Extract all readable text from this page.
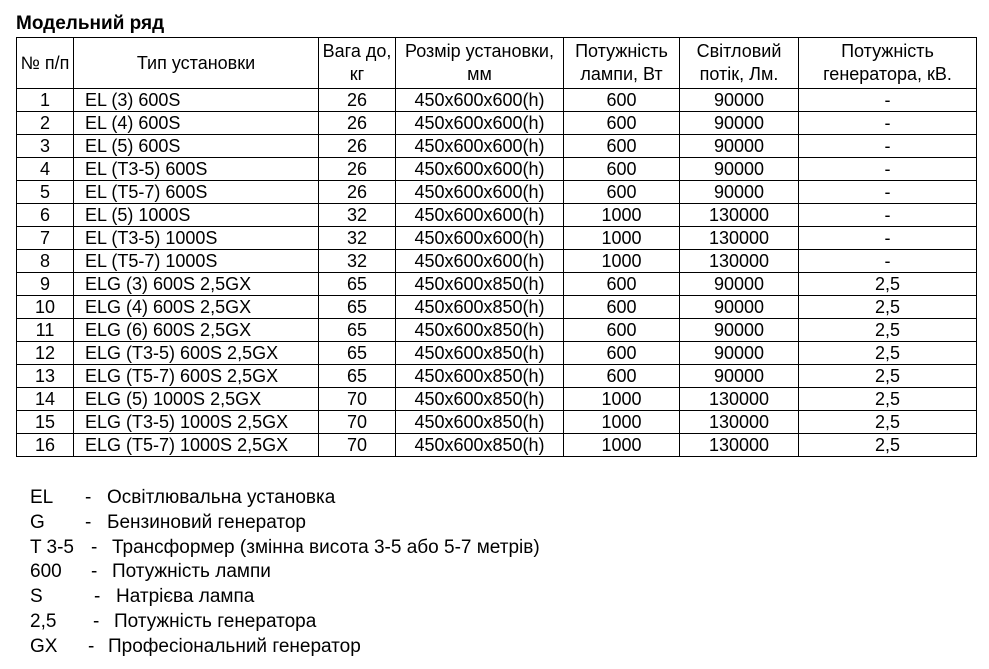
Модельний ряд
№ п/п	Тип установки	Вага до, кг	Розмір установки, мм	Потужність лампи, Вт	Світловий потік, Лм.	Потужність генератора, кВ.
1	EL (3) 600S	26	450x600x600(h)	600	90000	-
2	EL (4) 600S	26	450x600x600(h)	600	90000	-
3	EL (5) 600S	26	450x600x600(h)	600	90000	-
4	EL (T3-5) 600S	26	450x600x600(h)	600	90000	-
5	EL (T5-7) 600S	26	450x600x600(h)	600	90000	-
6	EL (5) 1000S	32	450x600x600(h)	1000	130000	-
7	EL (T3-5) 1000S	32	450x600x600(h)	1000	130000	-
8	EL (T5-7) 1000S	32	450x600x600(h)	1000	130000	-
9	ELG (3) 600S 2,5GX	65	450x600x850(h)	600	90000	2,5
10	ELG (4) 600S 2,5GX	65	450x600x850(h)	600	90000	2,5
11	ELG (6) 600S 2,5GX	65	450x600x850(h)	600	90000	2,5
12	ELG (T3-5) 600S 2,5GX	65	450x600x850(h)	600	90000	2,5
13	ELG (T5-7) 600S 2,5GX	65	450x600x850(h)	600	90000	2,5
14	ELG (5) 1000S 2,5GX	70	450x600x850(h)	1000	130000	2,5
15	ELG (T3-5) 1000S 2,5GX	70	450x600x850(h)	1000	130000	2,5
16	ELG (T5-7) 1000S 2,5GX	70	450x600x850(h)	1000	130000	2,5
EL - Освітлювальна установка
G - Бензиновий генератор
T 3-5 - Трансформер (змінна висота 3-5 або 5-7 метрів)
600 - Потужність лампи
S	- Натрієва лампа
2,5 - Потужність генератора
GX - Професіональний генератор
